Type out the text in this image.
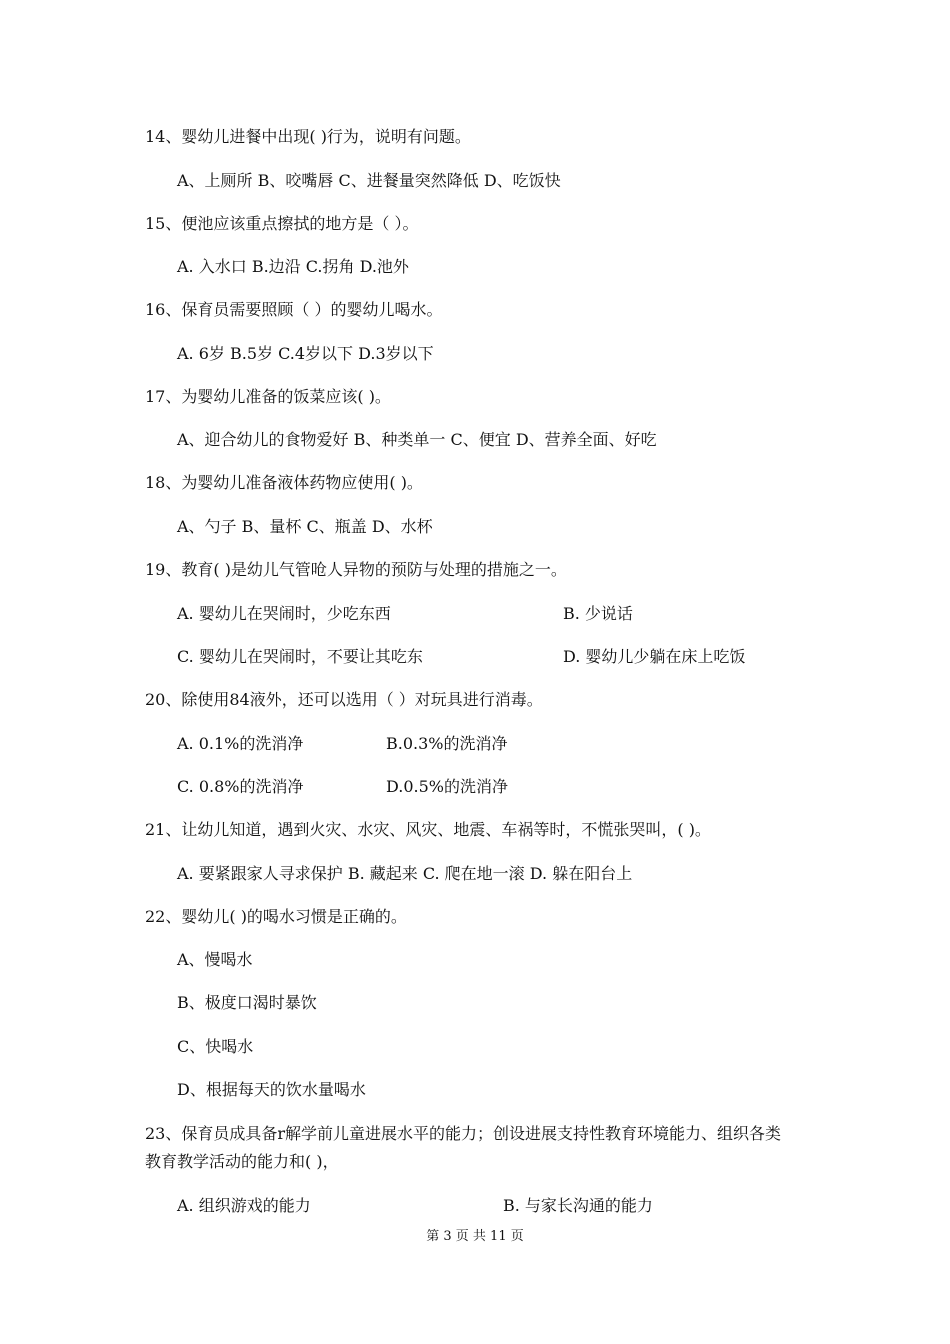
14、婴幼儿进餐中出现( )行为，说明有问题。
A、上厕所 B、咬嘴唇 C、进餐量突然降低 D、吃饭快
15、便池应该重点擦拭的地方是（ ）。
A. 入水口 B.边沿 C.拐角 D.池外
16、保育员需要照顾（ ）的婴幼儿喝水。
A. 6岁 B.5岁 C.4岁以下 D.3岁以下
17、为婴幼儿准备的饭菜应该( )。
A、迎合幼儿的食物爱好 B、种类单一 C、便宜 D、营养全面、好吃
18、为婴幼儿准备液体药物应使用( )。
A、勺子 B、量杯 C、瓶盖 D、水杯
19、教育( )是幼儿气管呛人异物的预防与处理的措施之一。
A. 婴幼儿在哭闹时，少吃东西	B. 少说话
C. 婴幼儿在哭闹时，不要让其吃东	D. 婴幼儿少躺在床上吃饭
20、除使用84液外，还可以选用（ ）对玩具进行消毒。
A. 0.1%的洗消净	B.0.3%的洗消净
C. 0.8%的洗消净	D.0.5%的洗消净
21、让幼儿知道，遇到火灾、水灾、风灾、地震、车祸等时，不慌张哭叫，( )。
A. 要紧跟家人寻求保护 B. 藏起来 C. 爬在地一滚 D. 躲在阳台上
22、婴幼儿( )的喝水习惯是正确的。
A、慢喝水
B、极度口渴时暴饮
C、快喝水
D、根据每天的饮水量喝水
23、保育员成具备r解学前儿童进展水平的能力；创设进展支持性教育环境能力、组织各类
教育教学活动的能力和( )，
A. 组织游戏的能力	B. 与家长沟通的能力
第 3 页 共 11 页
